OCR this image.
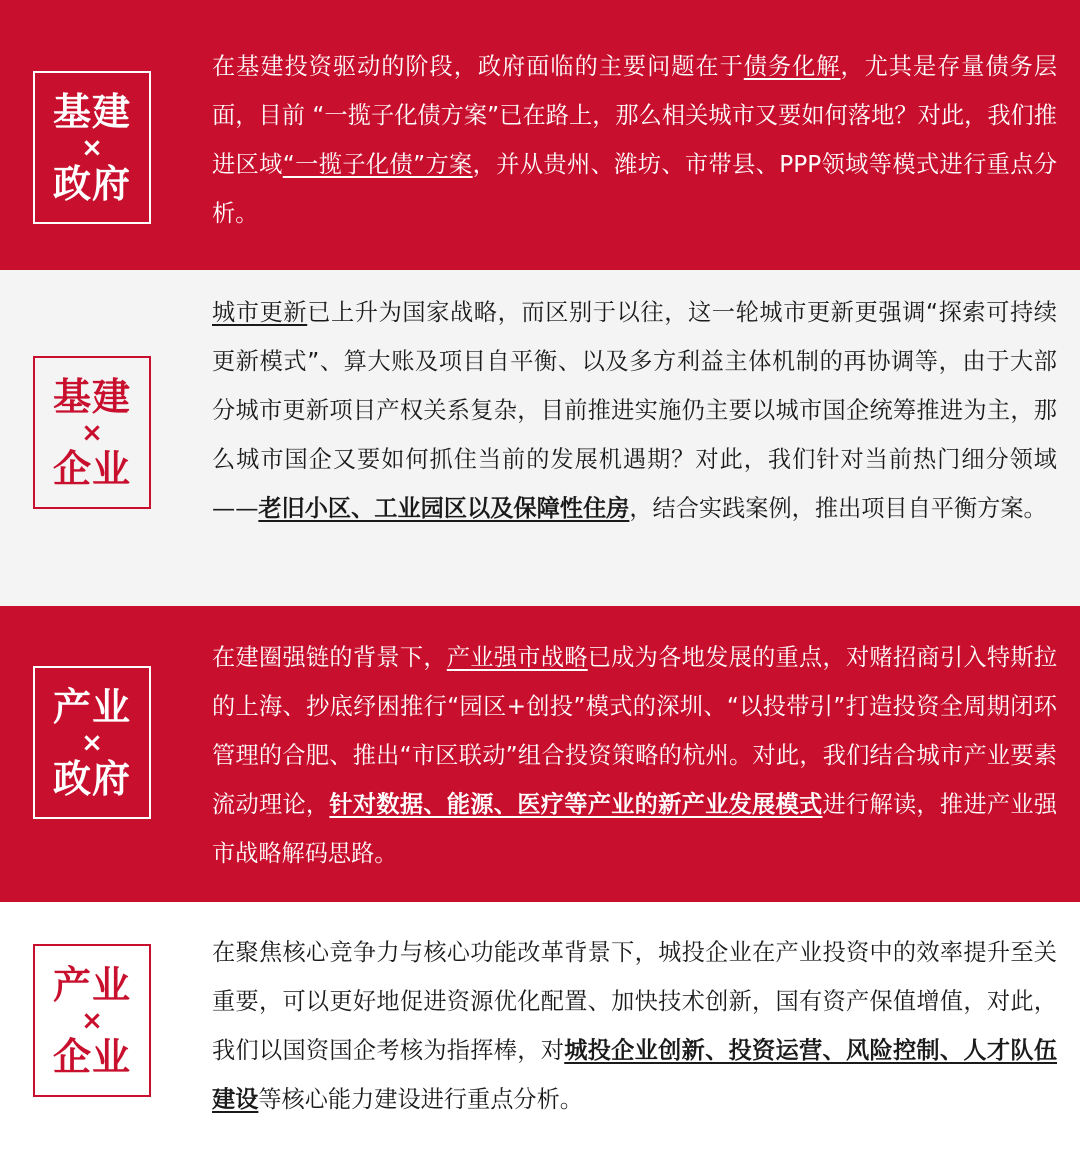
基建
×
政府

在基建投资驱动的阶段，政府面临的主要问题在于债务化解，尤其是存量债务层面，目前 “一揽子化债方案”已在路上，那么相关城市又要如何落地？对此，我们推进区域“一揽子化债”方案，并从贵州、潍坊、市带县、PPP领域等模式进行重点分析。

基建
×
企业

城市更新已上升为国家战略，而区别于以往，这一轮城市更新更强调“探索可持续更新模式”、算大账及项目自平衡、以及多方利益主体机制的再协调等，由于大部分城市更新项目产权关系复杂，目前推进实施仍主要以城市国企统筹推进为主，那么城市国企又要如何抓住当前的发展机遇期？对此，我们针对当前热门细分领域——老旧小区、工业园区以及保障性住房，结合实践案例，推出项目自平衡方案。

产业
×
政府

在建圈强链的背景下，产业强市战略已成为各地发展的重点，对赌招商引入特斯拉的上海、抄底纾困推行“园区+创投”模式的深圳、“以投带引”打造投资全周期闭环管理的合肥、推出“市区联动”组合投资策略的杭州。对此，我们结合城市产业要素流动理论，针对数据、能源、医疗等产业的新产业发展模式进行解读，推进产业强市战略解码思路。

产业
×
企业

在聚焦核心竞争力与核心功能改革背景下，城投企业在产业投资中的效率提升至关重要，可以更好地促进资源优化配置、加快技术创新，国有资产保值增值，对此，我们以国资国企考核为指挥棒，对城投企业创新、投资运营、风险控制、人才队伍建设等核心能力建设进行重点分析。
